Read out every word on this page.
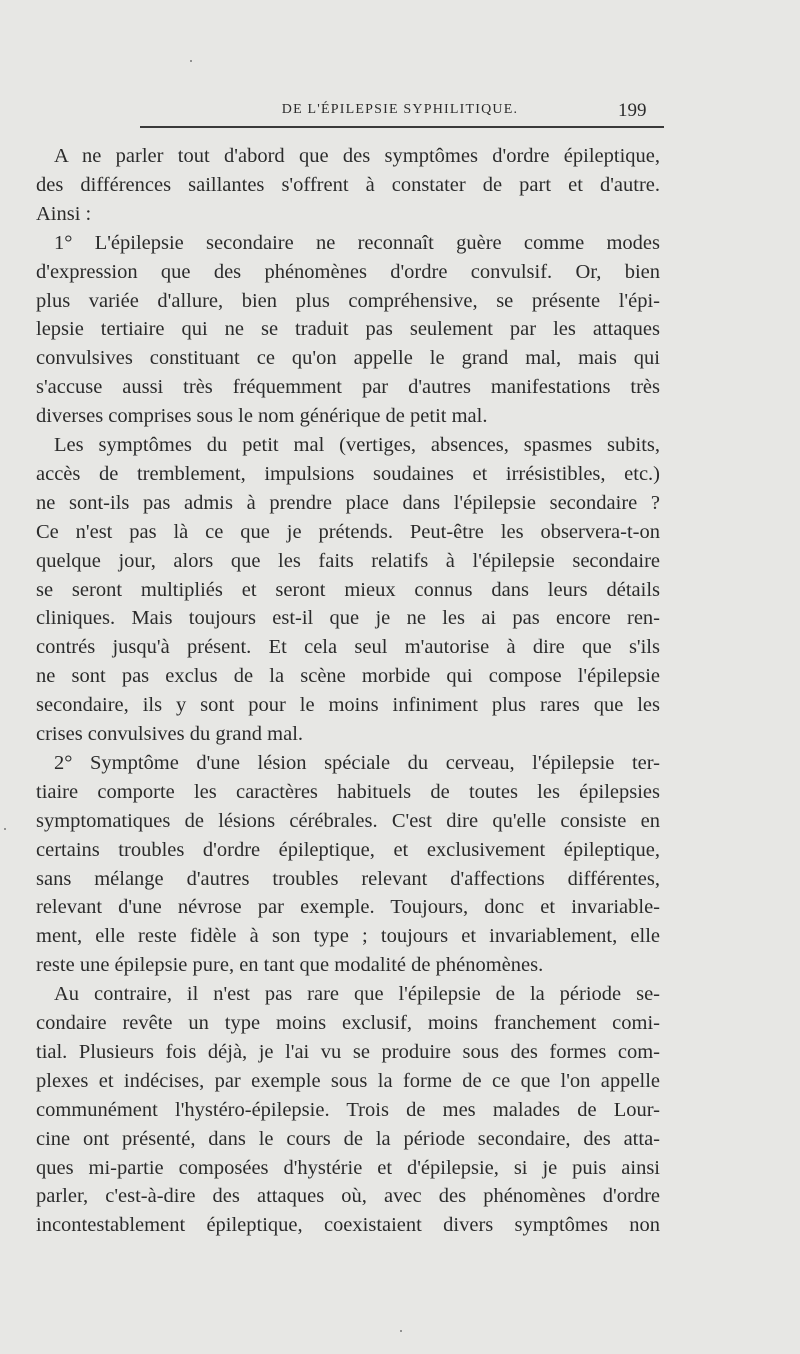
DE L'ÉPILEPSIE SYPHILITIQUE.	199
A ne parler tout d'abord que des symptômes d'ordre épileptique,
des différences saillantes s'offrent à constater de part et d'autre.
Ainsi :
1° L'épilepsie secondaire ne reconnaît guère comme modes
d'expression que des phénomènes d'ordre convulsif. Or, bien
plus variée d'allure, bien plus compréhensive, se présente l'épi-
lepsie tertiaire qui ne se traduit pas seulement par les attaques
convulsives constituant ce qu'on appelle le grand mal, mais qui
s'accuse aussi très fréquemment par d'autres manifestations très
diverses comprises sous le nom générique de petit mal.
Les symptômes du petit mal (vertiges, absences, spasmes subits,
accès de tremblement, impulsions soudaines et irrésistibles, etc.)
ne sont-ils pas admis à prendre place dans l'épilepsie secondaire ?
Ce n'est pas là ce que je prétends. Peut-être les observera-t-on
quelque jour, alors que les faits relatifs à l'épilepsie secondaire
se seront multipliés et seront mieux connus dans leurs détails
cliniques. Mais toujours est-il que je ne les ai pas encore ren-
contrés jusqu'à présent. Et cela seul m'autorise à dire que s'ils
ne sont pas exclus de la scène morbide qui compose l'épilepsie
secondaire, ils y sont pour le moins infiniment plus rares que les
crises convulsives du grand mal.
2° Symptôme d'une lésion spéciale du cerveau, l'épilepsie ter-
tiaire comporte les caractères habituels de toutes les épilepsies
symptomatiques de lésions cérébrales. C'est dire qu'elle consiste en
certains troubles d'ordre épileptique, et exclusivement épileptique,
sans mélange d'autres troubles relevant d'affections différentes,
relevant d'une névrose par exemple. Toujours, donc et invariable-
ment, elle reste fidèle à son type ; toujours et invariablement, elle
reste une épilepsie pure, en tant que modalité de phénomènes.
Au contraire, il n'est pas rare que l'épilepsie de la période se-
condaire revête un type moins exclusif, moins franchement comi-
tial. Plusieurs fois déjà, je l'ai vu se produire sous des formes com-
plexes et indécises, par exemple sous la forme de ce que l'on appelle
communément l'hystéro-épilepsie. Trois de mes malades de Lour-
cine ont présenté, dans le cours de la période secondaire, des atta-
ques mi-partie composées d'hystérie et d'épilepsie, si je puis ainsi
parler, c'est-à-dire des attaques où, avec des phénomènes d'ordre
incontestablement épileptique, coexistaient divers symptômes non
